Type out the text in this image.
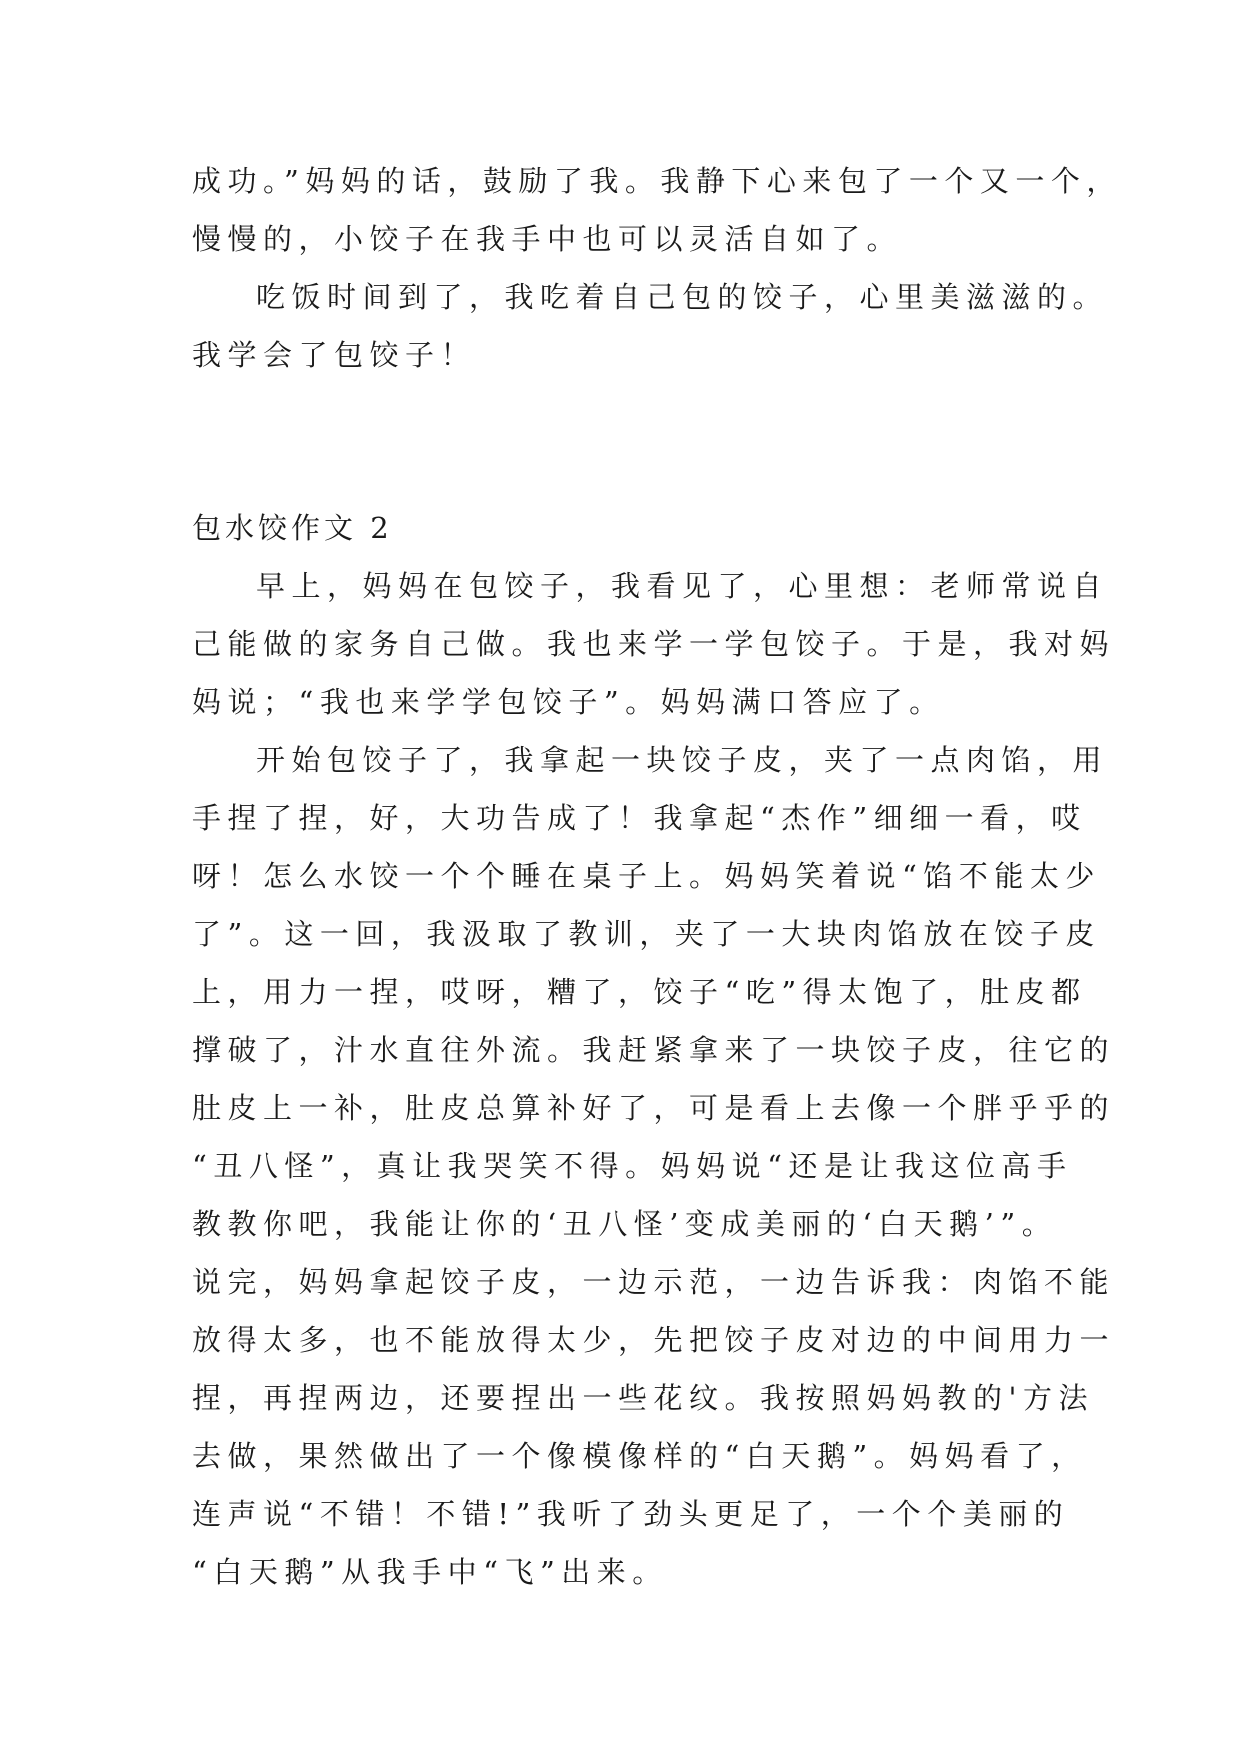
成功。”妈妈的话，鼓励了我。我静下心来包了一个又一个，
慢慢的，小饺子在我手中也可以灵活自如了。
吃饭时间到了，我吃着自己包的饺子，心里美滋滋的。
我学会了包饺子！
包水饺作文 2
早上，妈妈在包饺子，我看见了，心里想：老师常说自
己能做的家务自己做。我也来学一学包饺子。于是，我对妈
妈说；“我也来学学包饺子”。妈妈满口答应了。
开始包饺子了，我拿起一块饺子皮，夹了一点肉馅，用
手捏了捏，好，大功告成了！我拿起“杰作”细细一看，哎
呀！怎么水饺一个个睡在桌子上。妈妈笑着说“馅不能太少
了”。这一回，我汲取了教训，夹了一大块肉馅放在饺子皮
上，用力一捏，哎呀，糟了，饺子“吃”得太饱了，肚皮都
撑破了，汁水直往外流。我赶紧拿来了一块饺子皮，往它的
肚皮上一补，肚皮总算补好了，可是看上去像一个胖乎乎的
“丑八怪”，真让我哭笑不得。妈妈说“还是让我这位高手
教教你吧，我能让你的‘丑八怪’变成美丽的‘白天鹅’”。
说完，妈妈拿起饺子皮，一边示范，一边告诉我：肉馅不能
放得太多，也不能放得太少，先把饺子皮对边的中间用力一
捏，再捏两边，还要捏出一些花纹。我按照妈妈教的'方法
去做，果然做出了一个像模像样的“白天鹅”。妈妈看了，
连声说“不错！不错!”我听了劲头更足了，一个个美丽的
“白天鹅”从我手中“飞”出来。
